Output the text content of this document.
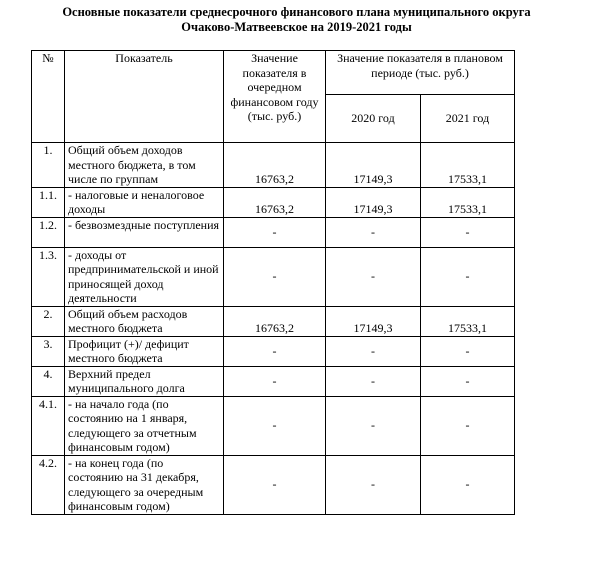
Основные показатели среднесрочного финансового плана муниципального округа
Очаково-Матвеевское на 2019-2021 годы
№	Показатель	Значение показателя в очередном финансовом году (тыс. руб.)	Значение показателя в плановом периоде (тыс. руб.)	
			2020 год	2021 год
1.	Общий объем доходов местного бюджета, в том числе по группам	16763,2	17149,3	17533,1
1.1.	- налоговые и неналоговое доходы	16763,2	17149,3	17533,1
1.2.	- безвозмездные поступления	-	-	-
1.3.	- доходы от предпринимательской и иной приносящей доход деятельности	-	-	-
2.	Общий объем расходов местного бюджета	16763,2	17149,3	17533,1
3.	Профицит (+)/ дефицит местного бюджета	-	-	-
4.	Верхний предел муниципального долга	-	-	-
4.1.	- на начало года (по состоянию на 1 января, следующего за отчетным финансовым годом)	-	-	-
4.2.	- на конец года (по состоянию на 31 декабря, следующего за очередным финансовым годом)	-	-	-
